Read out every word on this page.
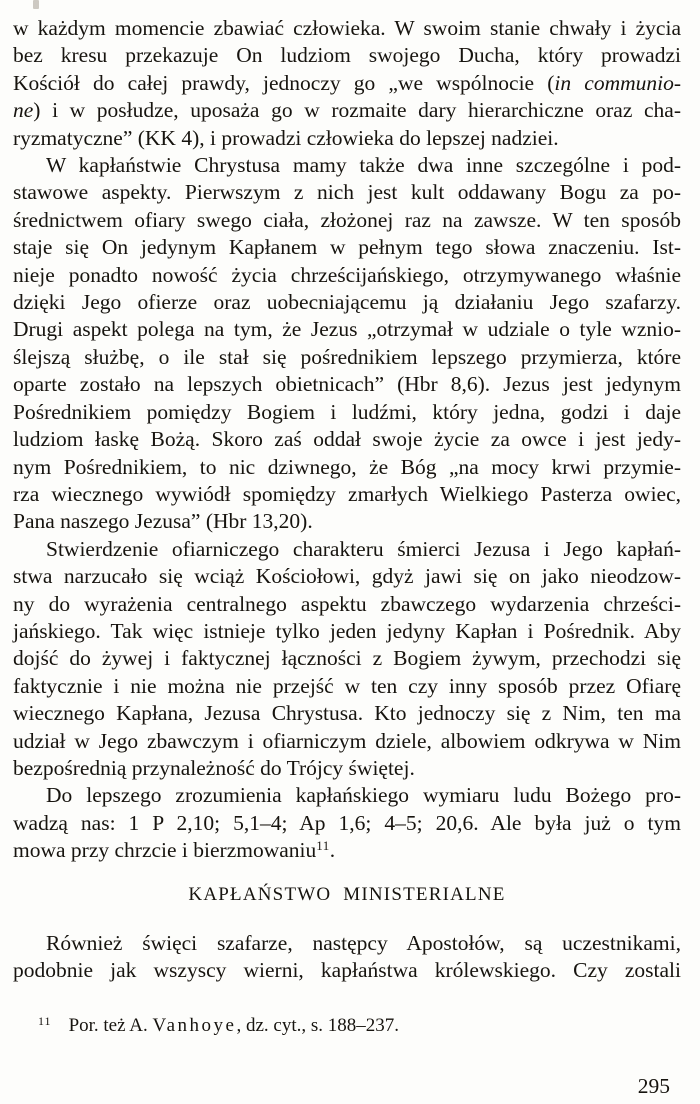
w każdym momencie zbawiać człowieka. W swoim stanie chwały i życia
bez kresu przekazuje On ludziom swojego Ducha, który prowadzi
Kościół do całej prawdy, jednoczy go „we wspólnocie (in communio-
ne) i w posłudze, uposaża go w rozmaite dary hierarchiczne oraz cha-
ryzmatyczne” (KK 4), i prowadzi człowieka do lepszej nadziei.
W kapłaństwie Chrystusa mamy także dwa inne szczególne i pod-
stawowe aspekty. Pierwszym z nich jest kult oddawany Bogu za po-
średnictwem ofiary swego ciała, złożonej raz na zawsze. W ten sposób
staje się On jedynym Kapłanem w pełnym tego słowa znaczeniu. Ist-
nieje ponadto nowość życia chrześcijańskiego, otrzymywanego właśnie
dzięki Jego ofierze oraz uobecniającemu ją działaniu Jego szafarzy.
Drugi aspekt polega na tym, że Jezus „otrzymał w udziale o tyle wznio-
ślejszą służbę, o ile stał się pośrednikiem lepszego przymierza, które
oparte zostało na lepszych obietnicach” (Hbr 8,6). Jezus jest jedynym
Pośrednikiem pomiędzy Bogiem i ludźmi, który jedna, godzi i daje
ludziom łaskę Bożą. Skoro zaś oddał swoje życie za owce i jest jedy-
nym Pośrednikiem, to nic dziwnego, że Bóg „na mocy krwi przymie-
rza wiecznego wywiódł spomiędzy zmarłych Wielkiego Pasterza owiec,
Pana naszego Jezusa” (Hbr 13,20).
Stwierdzenie ofiarniczego charakteru śmierci Jezusa i Jego kapłań-
stwa narzucało się wciąż Kościołowi, gdyż jawi się on jako nieodzow-
ny do wyrażenia centralnego aspektu zbawczego wydarzenia chrześci-
jańskiego. Tak więc istnieje tylko jeden jedyny Kapłan i Pośrednik. Aby
dojść do żywej i faktycznej łączności z Bogiem żywym, przechodzi się
faktycznie i nie można nie przejść w ten czy inny sposób przez Ofiarę
wiecznego Kapłana, Jezusa Chrystusa. Kto jednoczy się z Nim, ten ma
udział w Jego zbawczym i ofiarniczym dziele, albowiem odkrywa w Nim
bezpośrednią przynależność do Trójcy świętej.
Do lepszego zrozumienia kapłańskiego wymiaru ludu Bożego pro-
wadzą nas: 1 P 2,10; 5,1–4; Ap 1,6; 4–5; 20,6. Ale była już o tym
mowa przy chrzcie i bierzmowaniu$^{11}$.
KAPŁAŃSTWO MINISTERIALNE
Również święci szafarze, następcy Apostołów, są uczestnikami,
podobnie jak wszyscy wierni, kapłaństwa królewskiego. Czy zostali
$^{11}$ Por. też A. Vanhoye, dz. cyt., s. 188–237.
295
